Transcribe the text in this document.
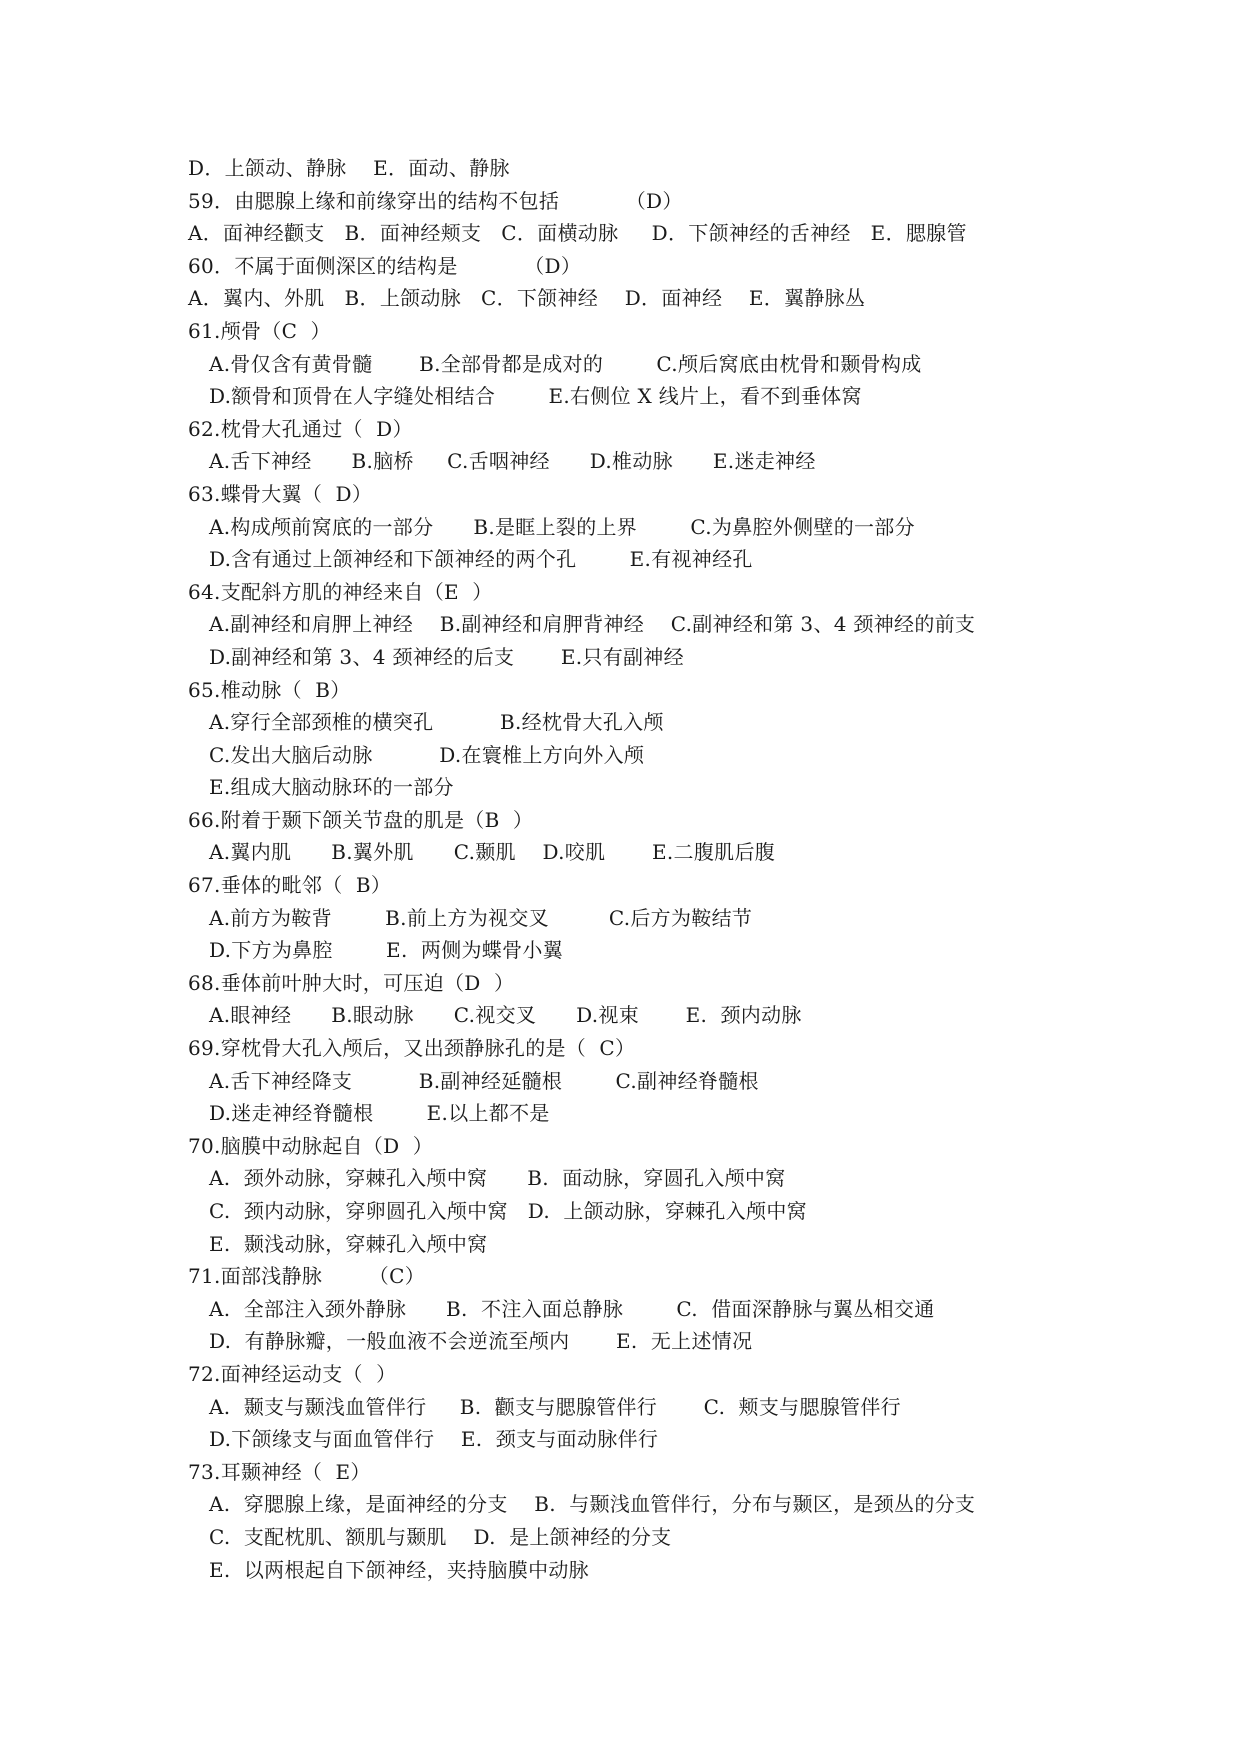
D．上颌动、静脉    E．面动、静脉
59．由腮腺上缘和前缘穿出的结构不包括          （D）
A．面神经颧支   B．面神经颊支   C．面横动脉     D．下颌神经的舌神经   E．腮腺管
60．不属于面侧深区的结构是          （D）
A．翼内、外肌   B．上颌动脉   C．下颌神经    D．面神经    E．翼静脉丛
61.颅骨（C  ）
A.骨仅含有黄骨髓       B.全部骨都是成对的        C.颅后窝底由枕骨和颞骨构成
D.额骨和顶骨在人字缝处相结合        E.右侧位 X 线片上，看不到垂体窝
62.枕骨大孔通过（  D）
A.舌下神经      B.脑桥     C.舌咽神经      D.椎动脉      E.迷走神经
63.蝶骨大翼（  D）
A.构成颅前窝底的一部分      B.是眶上裂的上界        C.为鼻腔外侧壁的一部分
D.含有通过上颌神经和下颌神经的两个孔        E.有视神经孔
64.支配斜方肌的神经来自（E  ）
A.副神经和肩胛上神经    B.副神经和肩胛背神经    C.副神经和第 3、4 颈神经的前支
D.副神经和第 3、4 颈神经的后支       E.只有副神经
65.椎动脉（  B）
A.穿行全部颈椎的横突孔          B.经枕骨大孔入颅
C.发出大脑后动脉          D.在寰椎上方向外入颅
E.组成大脑动脉环的一部分
66.附着于颞下颌关节盘的肌是（B  ）
A.翼内肌      B.翼外肌      C.颞肌    D.咬肌       E.二腹肌后腹
67.垂体的毗邻（  B）
A.前方为鞍背        B.前上方为视交叉         C.后方为鞍结节
D.下方为鼻腔        E.  两侧为蝶骨小翼
68.垂体前叶肿大时，可压迫（D  ）
A.眼神经      B.眼动脉      C.视交叉      D.视束       E.  颈内动脉
69.穿枕骨大孔入颅后，又出颈静脉孔的是（  C）
A.舌下神经降支          B.副神经延髓根        C.副神经脊髓根
D.迷走神经脊髓根        E.以上都不是
70.脑膜中动脉起自（D  ）
A.  颈外动脉，穿棘孔入颅中窝      B.  面动脉，穿圆孔入颅中窝
C.  颈内动脉，穿卵圆孔入颅中窝   D.  上颌动脉，穿棘孔入颅中窝
E.  颞浅动脉，穿棘孔入颅中窝
71.面部浅静脉       （C）
A.  全部注入颈外静脉      B.  不注入面总静脉        C.  借面深静脉与翼丛相交通
D.  有静脉瓣，一般血液不会逆流至颅内       E.  无上述情况
72.面神经运动支（  ）
A.  颞支与颞浅血管伴行     B.  颧支与腮腺管伴行       C.  颊支与腮腺管伴行
D.下颌缘支与面血管伴行    E.  颈支与面动脉伴行
73.耳颞神经（  E）
A.  穿腮腺上缘，是面神经的分支    B.  与颞浅血管伴行，分布与颞区，是颈丛的分支
C.  支配枕肌、额肌与颞肌    D.  是上颌神经的分支
E.  以两根起自下颌神经，夹持脑膜中动脉
